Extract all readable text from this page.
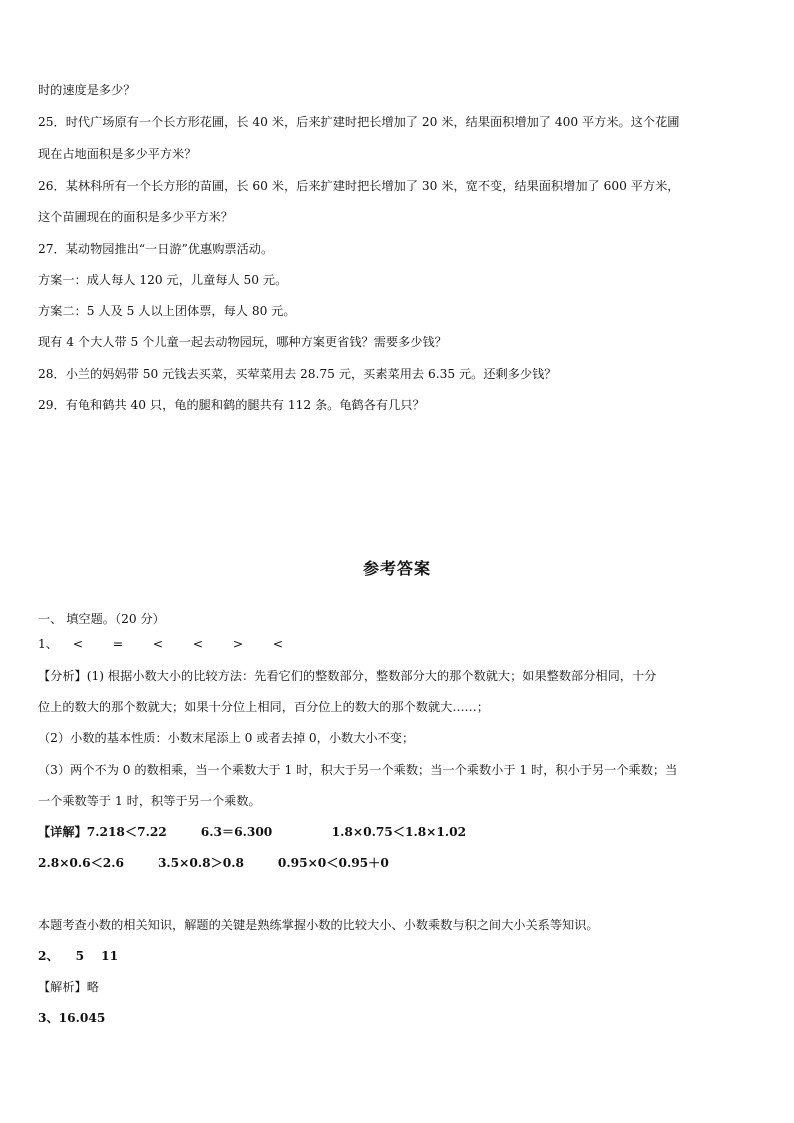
时的速度是多少？
25．时代广场原有一个长方形花圃，长 40 米，后来扩建时把长增加了 20 米，结果面积增加了 400 平方米。这个花圃
现在占地面积是多少平方米？
26．某林科所有一个长方形的苗圃，长 60 米，后来扩建时把长增加了 30 米，宽不变，结果面积增加了 600 平方米，
这个苗圃现在的面积是多少平方米？
27．某动物园推出“一日游”优惠购票活动。
方案一：成人每人 120 元，儿童每人 50 元。
方案二：5 人及 5 人以上团体票，每人 80 元。
现有 4 个大人带 5 个儿童一起去动物园玩，哪种方案更省钱？需要多少钱？
28．小兰的妈妈带 50 元钱去买菜，买荤菜用去 28.75 元，买素菜用去 6.35 元。还剩多少钱？
29．有龟和鹤共 40 只，龟的腿和鹤的腿共有 112 条。龟鹤各有几只？
参考答案
一、 填空题。（20 分）
1、 < = < < > <
【分析】(1) 根据小数大小的比较方法：先看它们的整数部分，整数部分大的那个数就大；如果整数部分相同，十分
位上的数大的那个数就大；如果十分位上相同，百分位上的数大的那个数就大……；
（2）小数的基本性质：小数末尾添上 0 或者去掉 0，小数大小不变；
（3）两个不为 0 的数相乘，当一个乘数大于 1 时，积大于另一个乘数；当一个乘数小于 1 时，积小于另一个乘数；当
一个乘数等于 1 时，积等于另一个乘数。
【详解】7.218＜7.22        6.3＝6.300              1.8×0.75＜1.8×1.02
2.8×0.6＜2.6        3.5×0.8＞0.8        0.95×0＜0.95＋0
本题考查小数的相关知识，解题的关键是熟练掌握小数的比较大小、小数乘数与积之间大小关系等知识。
2、    5    11
【解析】略
3、16.045
